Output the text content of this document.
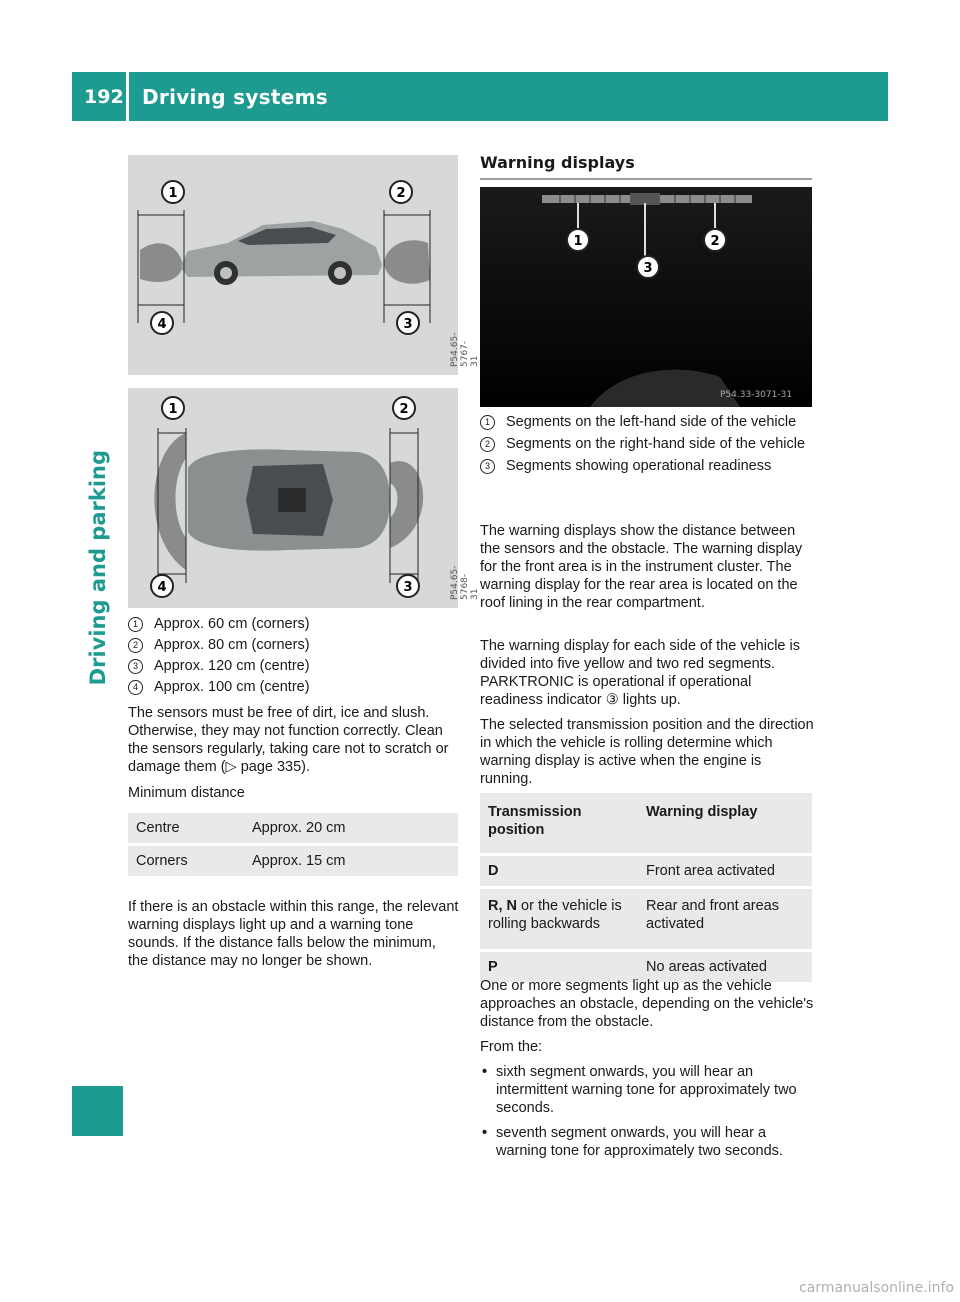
192 Driving systems
Driving and parking
1	2
3
4
P54.65-5767-31
1	2
3
4	P54.65-5768-31
1	Approx. 60 cm (corners)
2	Approx. 80 cm (corners)
3	Approx. 120 cm (centre)
4	Approx. 100 cm (centre)

The sensors must be free of dirt, ice and slush. Otherwise, they may not function correctly. Clean the sensors regularly, taking care not to scratch or damage them (▷ page 335).

Minimum distance

Centre	Approx. 20 cm
Corners	Approx. 15 cm

If there is an obstacle within this range, the relevant warning displays light up and a warning tone sounds. If the distance falls below the minimum, the distance may no longer be shown.

Warning displays
1	2
3
P54.33-3071-31
1	Segments on the left-hand side of the vehicle
2	Segments on the right-hand side of the vehicle
3	Segments showing operational readiness

The warning displays show the distance between the sensors and the obstacle. The warning display for the front area is in the instrument cluster. The warning display for the rear area is located on the roof lining in the rear compartment.

The warning display for each side of the vehicle is divided into five yellow and two red segments. PARKTRONIC is operational if operational readiness indicator ③ lights up.

The selected transmission position and the direction in which the vehicle is rolling determine which warning display is active when the engine is running.

Transmission position	Warning display
D	Front area activated
R, N or the vehicle is rolling backwards	Rear and front areas activated
P	No areas activated

One or more segments light up as the vehicle approaches an obstacle, depending on the vehicle's distance from the obstacle.

From the:

• sixth segment onwards, you will hear an intermittent warning tone for approximately two seconds.
• seventh segment onwards, you will hear a warning tone for approximately two seconds.
carmanualsonline.info
